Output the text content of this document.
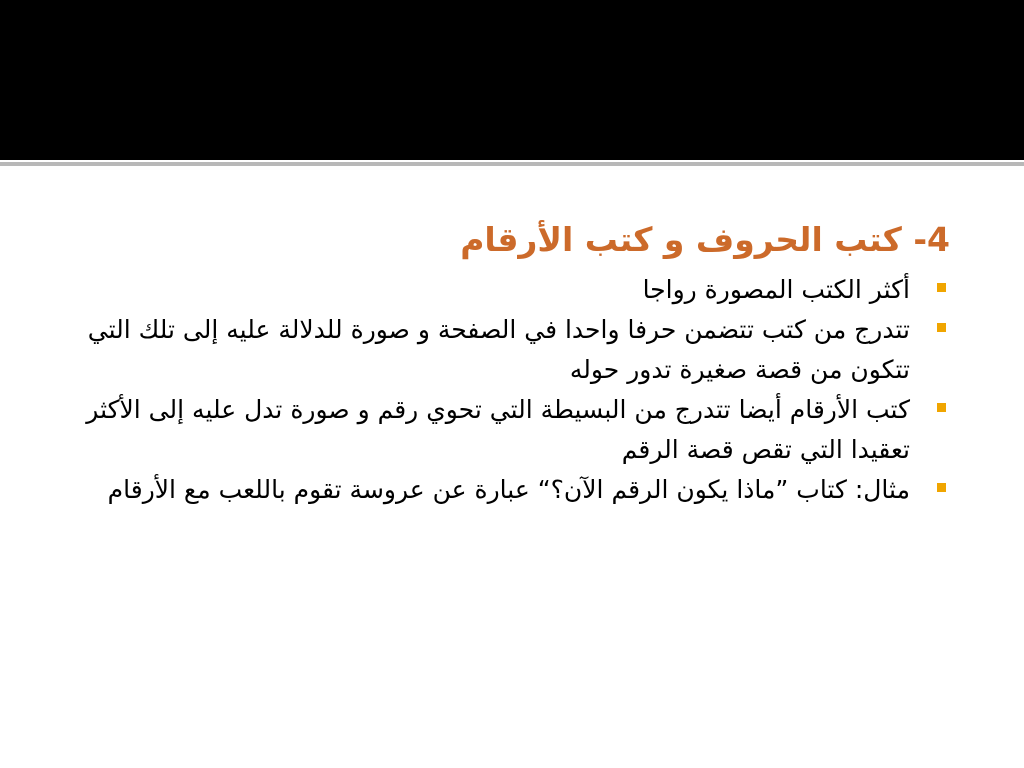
4- كتب الحروف و كتب الأرقام
أكثر الكتب المصورة رواجا
تتدرج من كتب تتضمن حرفا واحدا في الصفحة و صورة للدلالة عليه إلى تلك التي تتكون من قصة صغيرة تدور حوله
كتب الأرقام أيضا تتدرج من البسيطة التي تحوي رقم و صورة تدل عليه إلى الأكثر تعقيدا التي تقص قصة الرقم
مثال: كتاب ”ماذا يكون الرقم الآن؟“ عبارة عن عروسة تقوم باللعب مع الأرقام
